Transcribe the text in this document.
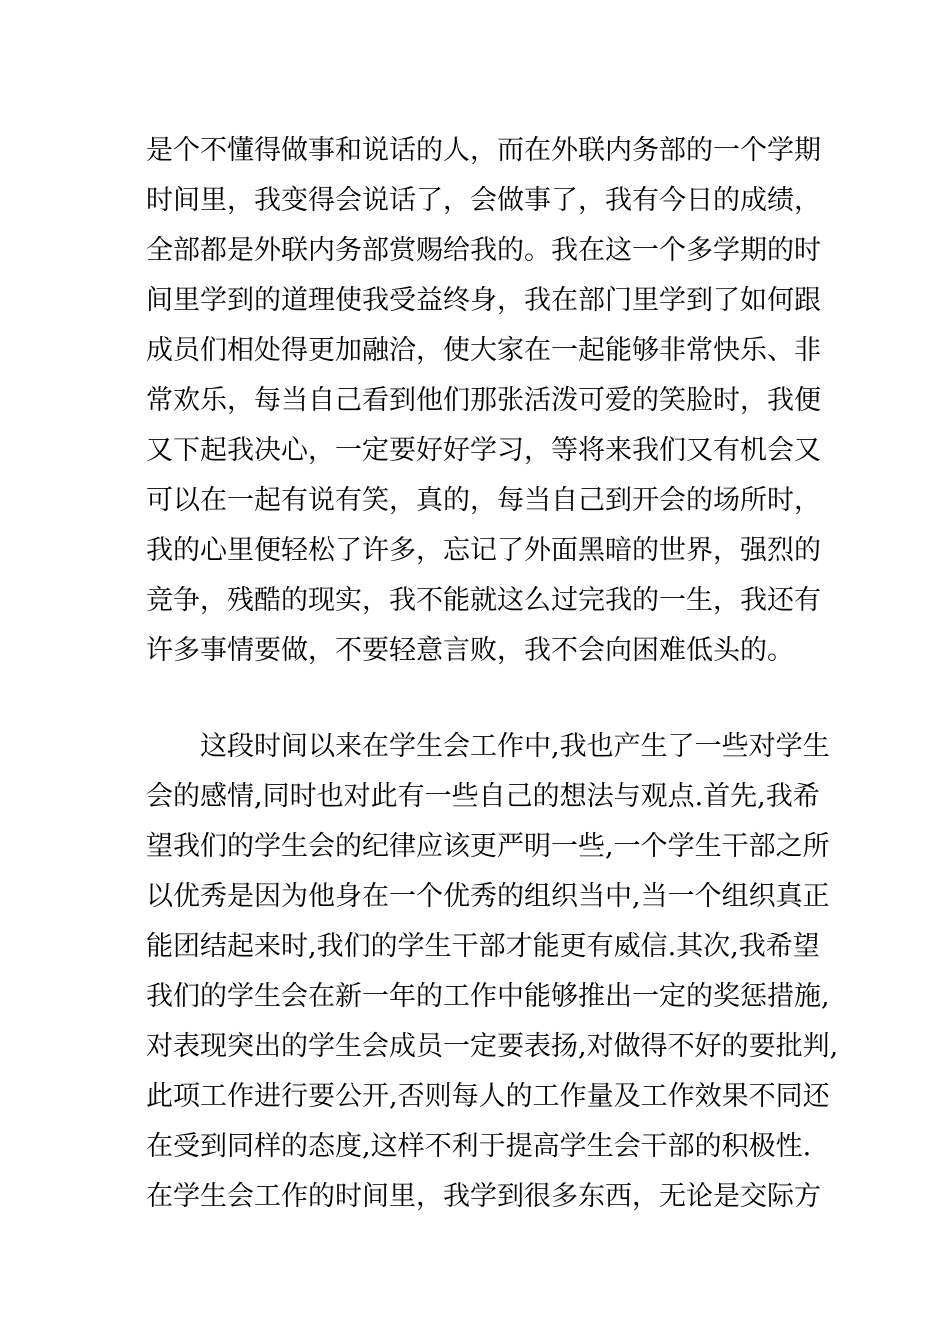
是个不懂得做事和说话的人，而在外联内务部的一个学期
时间里，我变得会说话了，会做事了，我有今日的成绩，
全部都是外联内务部赏赐给我的。我在这一个多学期的时
间里学到的道理使我受益终身，我在部门里学到了如何跟
成员们相处得更加融洽，使大家在一起能够非常快乐、非
常欢乐，每当自己看到他们那张活泼可爱的笑脸时，我便
又下起我决心，一定要好好学习，等将来我们又有机会又
可以在一起有说有笑，真的，每当自己到开会的场所时，
我的心里便轻松了许多，忘记了外面黑暗的世界，强烈的
竞争，残酷的现实，我不能就这么过完我的一生，我还有
许多事情要做，不要轻意言败，我不会向困难低头的。
这段时间以来在学生会工作中,我也产生了一些对学生
会的感情,同时也对此有一些自己的想法与观点.首先,我希
望我们的学生会的纪律应该更严明一些,一个学生干部之所
以优秀是因为他身在一个优秀的组织当中,当一个组织真正
能团结起来时,我们的学生干部才能更有威信.其次,我希望
我们的学生会在新一年的工作中能够推出一定的奖惩措施,
对表现突出的学生会成员一定要表扬,对做得不好的要批判,
此项工作进行要公开,否则每人的工作量及工作效果不同还
在受到同样的态度,这样不利于提高学生会干部的积极性.
在学生会工作的时间里，我学到很多东西，无论是交际方
